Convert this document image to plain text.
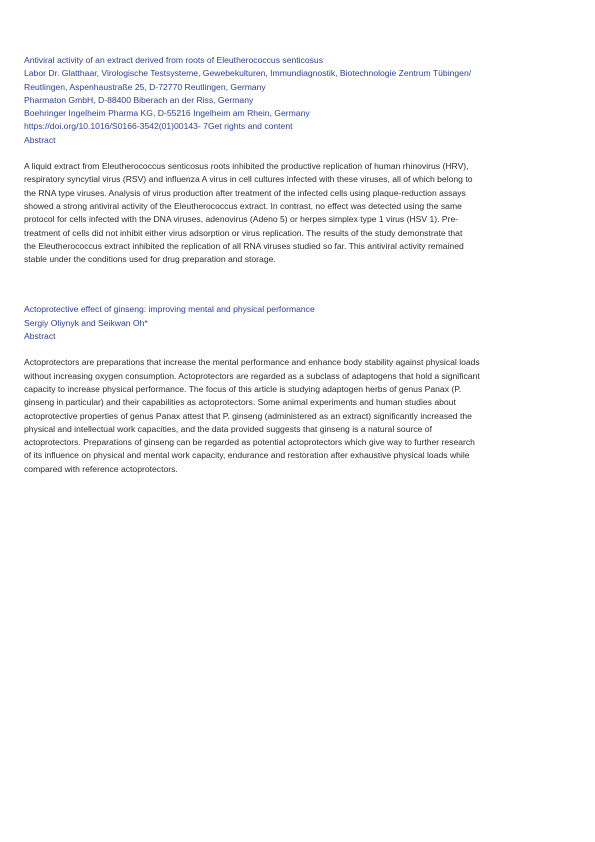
Antiviral activity of an extract derived from roots of Eleutherococcus senticosus
Labor Dr. Glatthaar, Virologische Testsysteme, Gewebekulturen, Immundiagnostik, Biotechnologie Zentrum Tübingen/
Reutlingen, Aspenhaustraße 25, D-72770 Reutlingen, Germany
Pharmaton GmbH, D-88400 Biberach an der Riss, Germany
Boehringer Ingelheim Pharma KG, D-55216 Ingelheim am Rhein, Germany
https://doi.org/10.1016/S0166-3542(01)00143- 7Get rights and content
Abstract
A liquid extract from Eleutherococcus senticosus roots inhibited the productive replication of human rhinovirus (HRV),
respiratory syncytial virus (RSV) and influenza A virus in cell cultures infected with these viruses, all of which belong to
the RNA type viruses. Analysis of virus production after treatment of the infected cells using plaque-reduction assays
showed a strong antiviral activity of the Eleutherococcus extract. In contrast, no effect was detected using the same
protocol for cells infected with the DNA viruses, adenovirus (Adeno 5) or herpes simplex type 1 virus (HSV 1). Pre-
treatment of cells did not inhibit either virus adsorption or virus replication. The results of the study demonstrate that
the Eleutherococcus extract inhibited the replication of all RNA viruses studied so far. This antiviral activity remained
stable under the conditions used for drug preparation and storage.
Actoprotective effect of ginseng: improving mental and physical performance
Sergiy Oliynyk and Seikwan Oh*
Abstract
Actoprotectors are preparations that increase the mental performance and enhance body stability against physical loads
without increasing oxygen consumption. Actoprotectors are regarded as a subclass of adaptogens that hold a significant
capacity to increase physical performance. The focus of this article is studying adaptogen herbs of genus Panax (P.
ginseng in particular) and their capabilities as actoprotectors. Some animal experiments and human studies about
actoprotective properties of genus Panax attest that P. ginseng (administered as an extract) significantly increased the
physical and intellectual work capacities, and the data provided suggests that ginseng is a natural source of
actoprotectors. Preparations of ginseng can be regarded as potential actoprotectors which give way to further research
of its influence on physical and mental work capacity, endurance and restoration after exhaustive physical loads while
compared with reference actoprotectors.
